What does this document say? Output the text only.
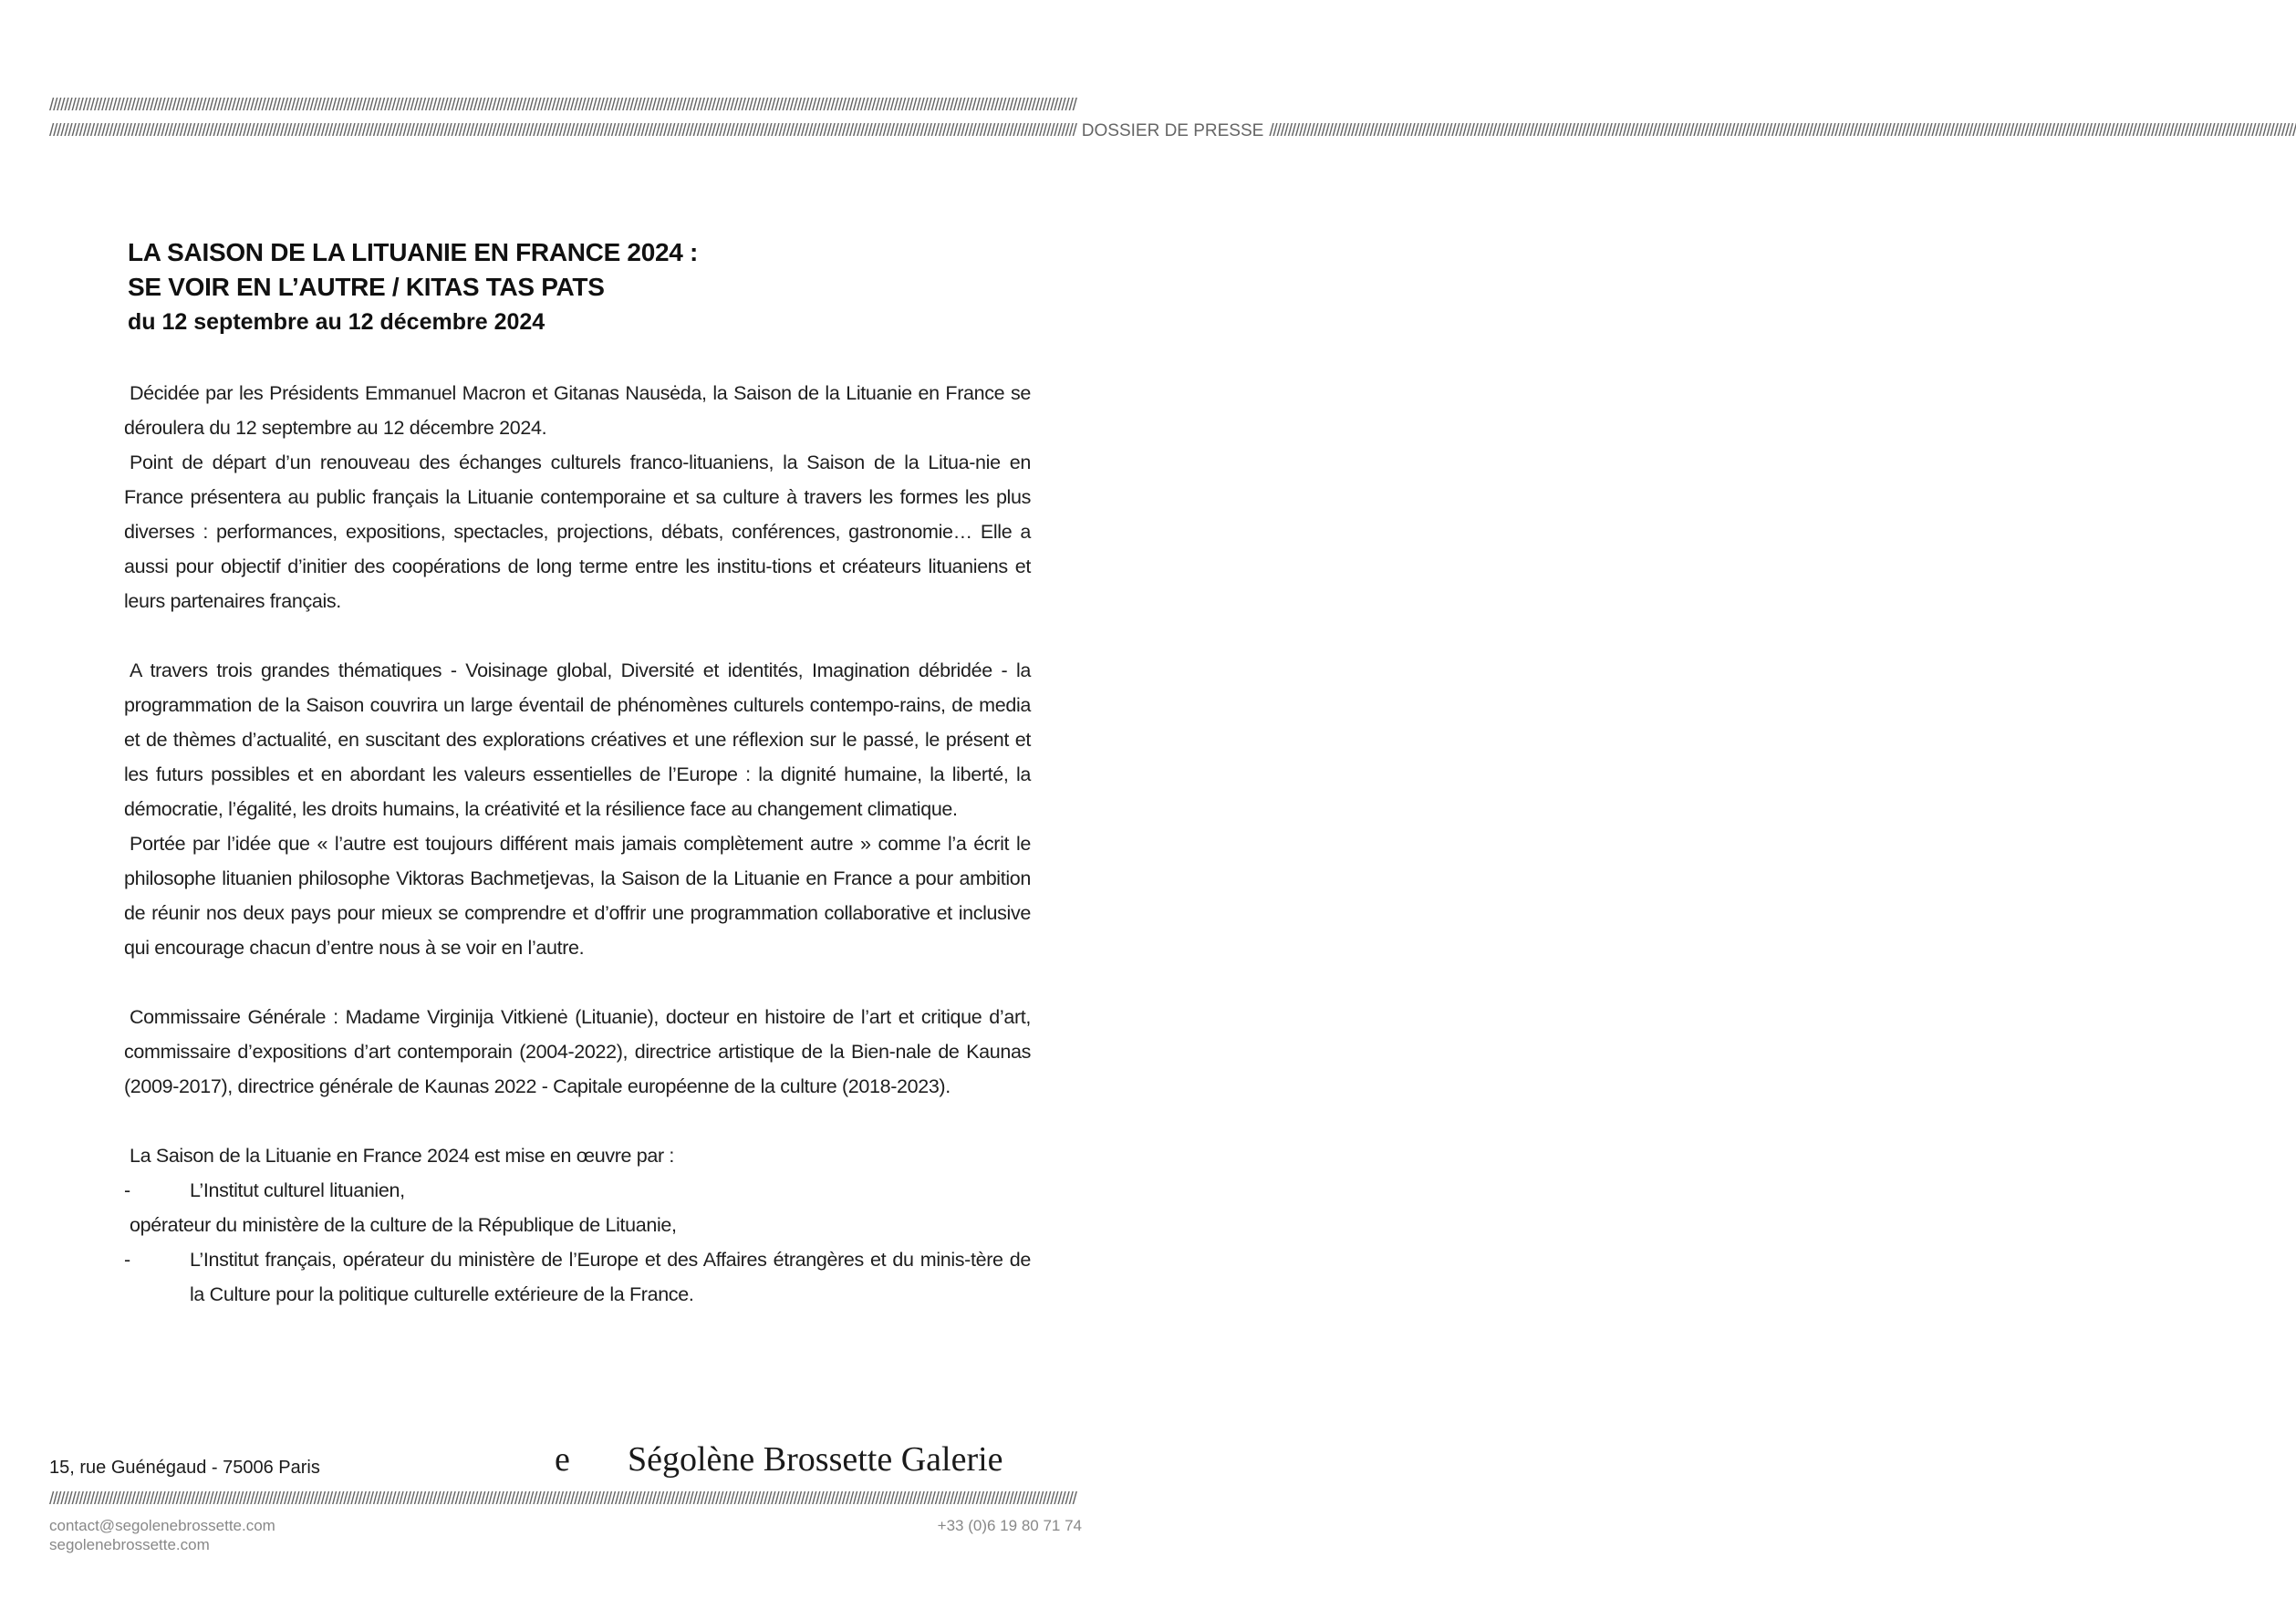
////////////////////////////////////////////////////////////////////////////////////////////////////////////////////////////////////////////////////////////////////////////////////////////////////////////////////////////////////////////////////////////////////////////////////
//////////////////////////////////////////////////////////////////////////////////////////////////////////////////////////////////////////////////////////////////////////////////////////////////////////////////////////////////////////////////////////////////////////////////// DOSSIER DE PRESSE ////////////////////////////////////////////////////////////////////////////////////////////////////////////////////////////////////////////////////////////////////////////////////////////////////////////////////////////////////////////////////////////////////////////////////
LA SAISON DE LA LITUANIE EN FRANCE 2024 :
SE VOIR EN L’AUTRE / KITAS TAS PATS
du 12 septembre au 12 décembre 2024

Décidée par les Présidents Emmanuel Macron et Gitanas Nausėda, la Saison de la Lituanie en France se déroulera du 12 septembre au 12 décembre 2024.

Point de départ d’un renouveau des échanges culturels franco-lituaniens, la Saison de la Litua-nie en France présentera au public français la Lituanie contemporaine et sa culture à travers les formes les plus diverses : performances, expositions, spectacles, projections, débats, conférences, gastronomie… Elle a aussi pour objectif d’initier des coopérations de long terme entre les institu-tions et créateurs lituaniens et leurs partenaires français.

A travers trois grandes thématiques - Voisinage global, Diversité et identités, Imagination débridée - la programmation de la Saison couvrira un large éventail de phénomènes culturels contempo-rains, de media et de thèmes d’actualité, en suscitant des explorations créatives et une réflexion sur le passé, le présent et les futurs possibles et en abordant les valeurs essentielles de l’Europe : la dignité humaine, la liberté, la démocratie, l’égalité, les droits humains, la créativité et la résilience face au changement climatique.

Portée par l’idée que « l’autre est toujours différent mais jamais complètement autre » comme l’a écrit le philosophe lituanien philosophe Viktoras Bachmetjevas, la Saison de la Lituanie en France a pour ambition de réunir nos deux pays pour mieux se comprendre et d’offrir une programmation collaborative et inclusive qui encourage chacun d’entre nous à se voir en l’autre.

Commissaire Générale : Madame Virginija Vitkienė (Lituanie), docteur en histoire de l’art et critique d’art, commissaire d’expositions d’art contemporain (2004-2022), directrice artistique de la Bien-nale de Kaunas (2009-2017), directrice générale de Kaunas 2022 - Capitale européenne de la culture (2018-2023).

La Saison de la Lituanie en France 2024 est mise en œuvre par :

-	L’Institut culturel lituanien,
opérateur du ministère de la culture de la République de Lituanie,
-	L’Institut français, opérateur du ministère de l’Europe et des Affaires étrangères et du minis-tère de la Culture pour la politique culturelle extérieure de la France.
15, rue Guénégaud - 75006 Paris	e Ségolène Brossette Galerie
////////////////////////////////////////////////////////////////////////////////////////////////////////////////////////////////////////////////////////////////////////////////////////////////////////////////////////////////////////////////////////////////////////////////////
contact@segolenebrossette.com
segolenebrossette.com
+33 (0)6 19 80 71 74
